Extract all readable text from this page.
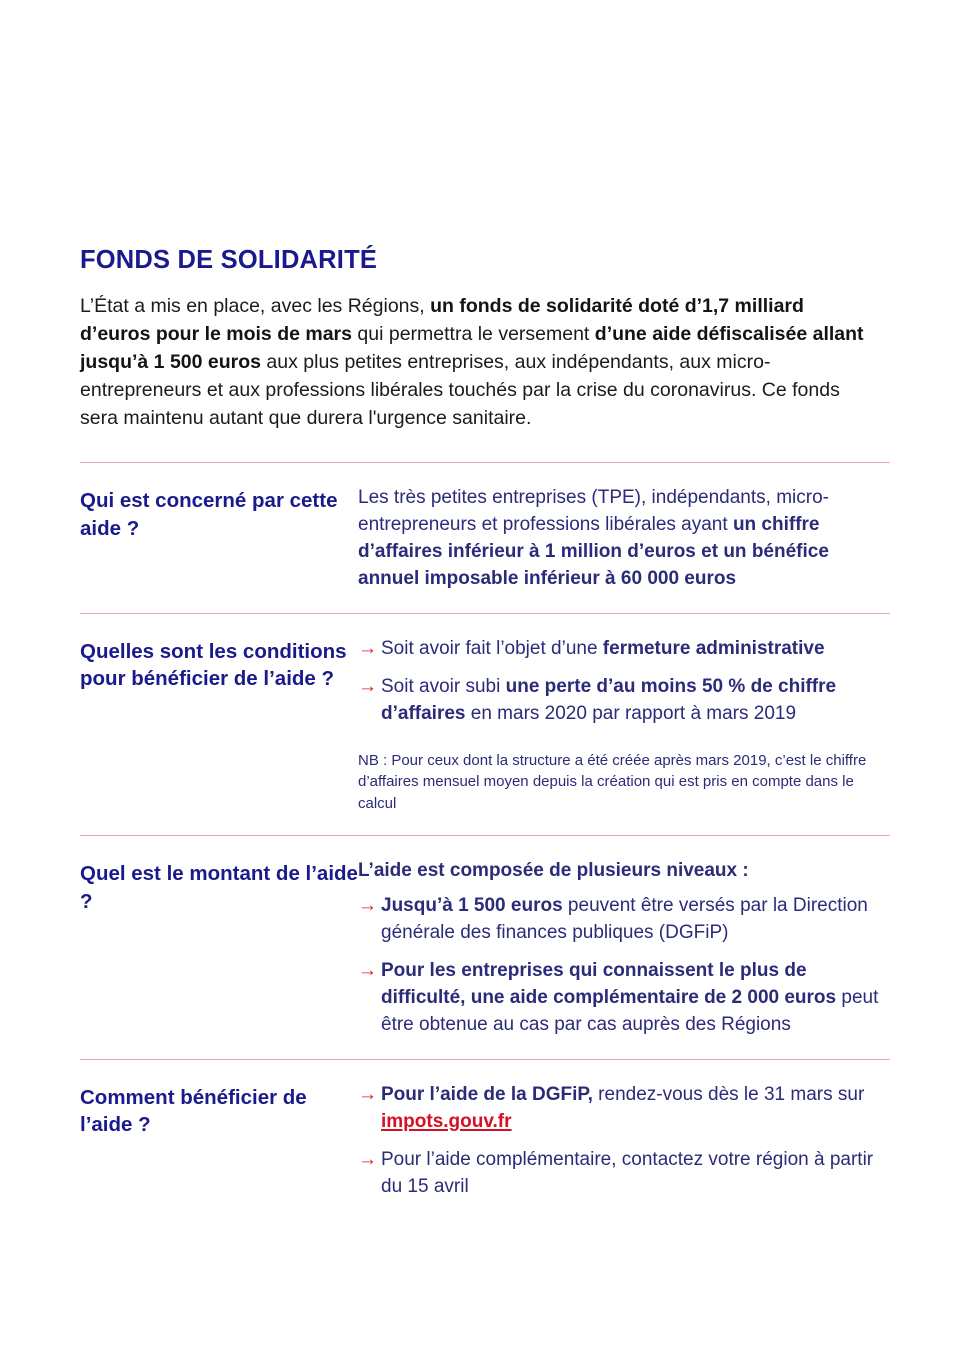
FONDS DE SOLIDARITÉ

L’État a mis en place, avec les Régions, un fonds de solidarité doté d’1,7 milliard d’euros pour le mois de mars qui permettra le versement d’une aide défiscalisée allant jusqu’à 1 500 euros aux plus petites entreprises, aux indépendants, aux micro-entrepreneurs et aux professions libérales touchés par la crise du coronavirus. Ce fonds sera maintenu autant que durera l'urgence sanitaire.

Qui est concerné par cette aide ?

Les très petites entreprises (TPE), indépendants, micro-entrepreneurs et professions libérales ayant un chiffre d’affaires inférieur à 1 million d’euros et un bénéfice annuel imposable inférieur à 60 000 euros

Quelles sont les conditions pour bénéficier de l’aide ?
→ Soit avoir fait l’objet d’une fermeture administrative
→ Soit avoir subi une perte d’au moins 50 % de chiffre d’affaires en mars 2020 par rapport à mars 2019

NB : Pour ceux dont la structure a été créée après mars 2019, c’est le chiffre d’affaires mensuel moyen depuis la création qui est pris en compte dans le calcul

Quel est le montant de l’aide ?

L’aide est composée de plusieurs niveaux :

→ Jusqu’à 1 500 euros peuvent être versés par la Direction générale des finances publiques (DGFiP)
→ Pour les entreprises qui connaissent le plus de difficulté, une aide complémentaire de 2 000 euros peut être obtenue au cas par cas auprès des Régions
Comment bénéficier de l’aide ?
→ Pour l’aide de la DGFiP, rendez-vous dès le 31 mars sur impots.gouv.fr
→ Pour l’aide complémentaire, contactez votre région à partir du 15 avril
